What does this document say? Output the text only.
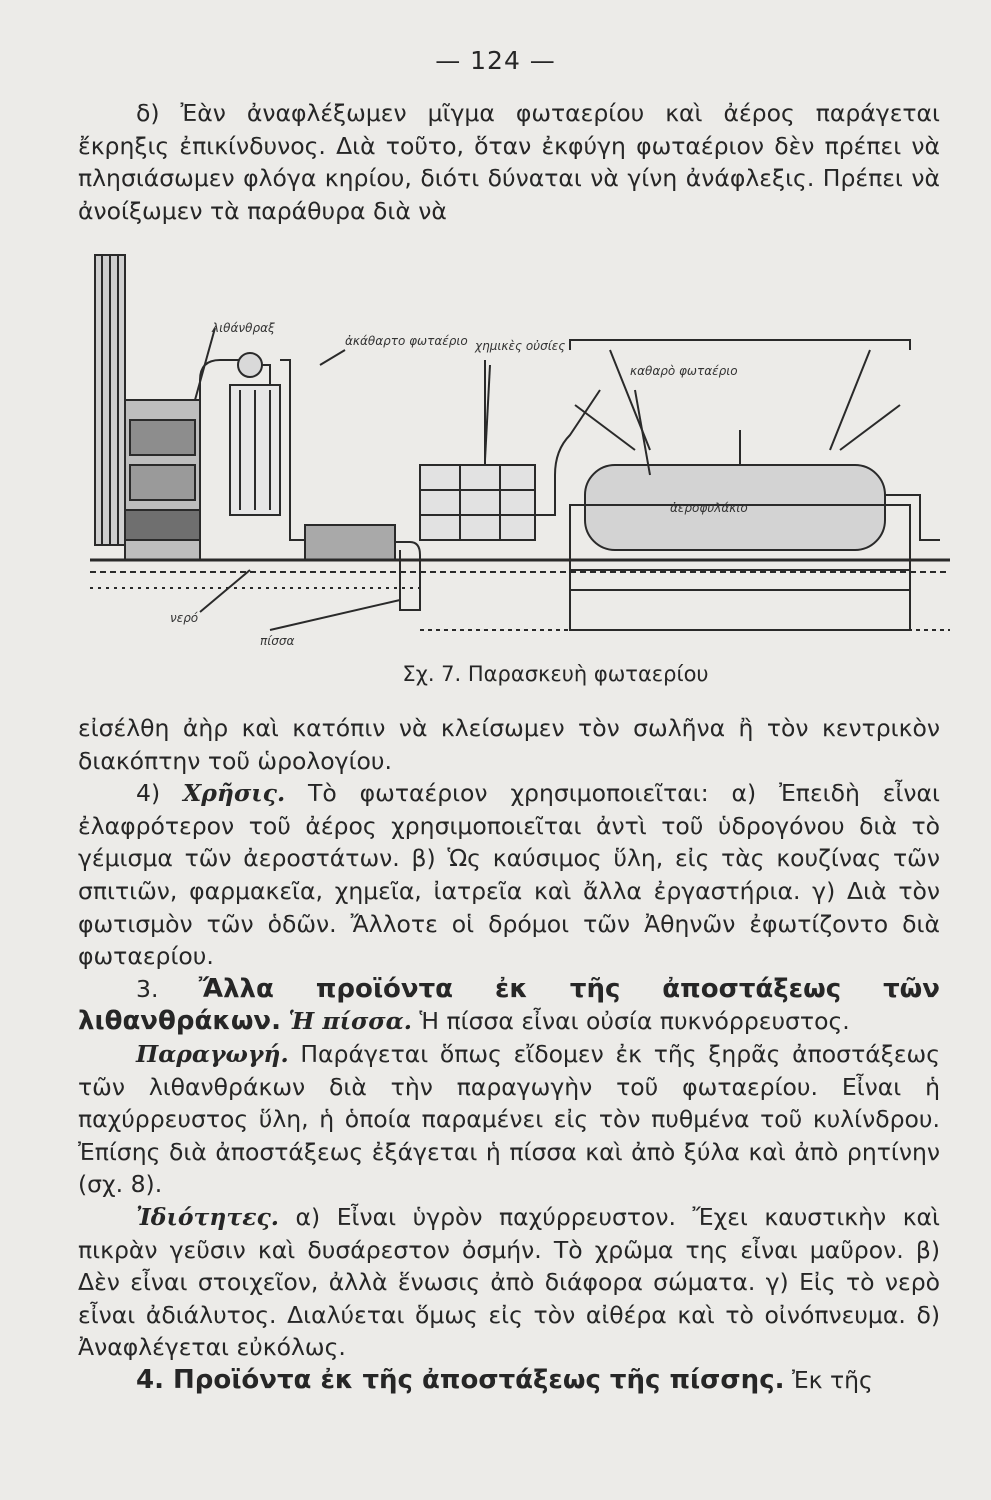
— 124 —

δ) Ἐὰν ἀναφλέξωμεν μῖγμα φωταερίου καὶ ἀέρος παράγεται ἔκρηξις ἐπικίνδυνος. Διὰ τοῦτο, ὅταν ἐκφύγη φωταέριον δὲν πρέπει νὰ πλησιάσωμεν φλόγα κηρίου, διότι δύναται νὰ γίνη ἀνάφλεξις. Πρέπει νὰ ἀνοίξωμεν τὰ παράθυρα διὰ νὰ

λιθάνθραξ
ἀκάθαρτο φωταέριο χημικὲς οὐσίες
καθαρὸ φωταέριο
ἀεροφυλάκιο
νερό
πίσσα
Σχ. 7. Παρασκευὴ φωταερίου

εἰσέλθη ἀὴρ καὶ κατόπιν νὰ κλείσωμεν τὸν σωλῆνα ἢ τὸν κεντρικὸν διακόπτην τοῦ ὡρολογίου.

4) Χρῆσις. Τὸ φωταέριον χρησιμοποιεῖται: α) Ἐπειδὴ εἶναι ἐλαφρότερον τοῦ ἀέρος χρησιμοποιεῖται ἀντὶ τοῦ ὑδρογόνου διὰ τὸ γέμισμα τῶν ἀεροστάτων. β) Ὡς καύσιμος ὕλη, εἰς τὰς κουζίνας τῶν σπιτιῶν, φαρμακεῖα, χημεῖα, ἰατρεῖα καὶ ἄλλα ἐργαστήρια. γ) Διὰ τὸν φωτισμὸν τῶν ὁδῶν. Ἄλλοτε οἱ δρόμοι τῶν Ἀθηνῶν ἐφωτίζοντο διὰ φωταερίου.

3. Ἄλλα προϊόντα ἐκ τῆς ἀποστάξεως τῶν λιθανθράκων. Ἡ πίσσα. Ἡ πίσσα εἶναι οὐσία πυκνόρρευστος.

Παραγωγή. Παράγεται ὅπως εἴδομεν ἐκ τῆς ξηρᾶς ἀποστάξεως τῶν λιθανθράκων διὰ τὴν παραγωγὴν τοῦ φωταερίου. Εἶναι ἡ παχύρρευστος ὕλη, ἡ ὁποία παραμένει εἰς τὸν πυθμένα τοῦ κυλίνδρου. Ἐπίσης διὰ ἀποστάξεως ἐξάγεται ἡ πίσσα καὶ ἀπὸ ξύλα καὶ ἀπὸ ρητίνην (σχ. 8).

Ἰδιότητες. α) Εἶναι ὑγρὸν παχύρρευστον. Ἔχει καυστικὴν καὶ πικρὰν γεῦσιν καὶ δυσάρεστον ὀσμήν. Τὸ χρῶμα της εἶναι μαῦρον. β) Δὲν εἶναι στοιχεῖον, ἀλλὰ ἕνωσις ἀπὸ διάφορα σώματα. γ) Εἰς τὸ νερὸ εἶναι ἀδιάλυτος. Διαλύεται ὅμως εἰς τὸν αἰθέρα καὶ τὸ οἰνόπνευμα. δ) Ἀναφλέγεται εὐκόλως.

4. Προϊόντα ἐκ τῆς ἀποστάξεως τῆς πίσσης. Ἐκ τῆς
